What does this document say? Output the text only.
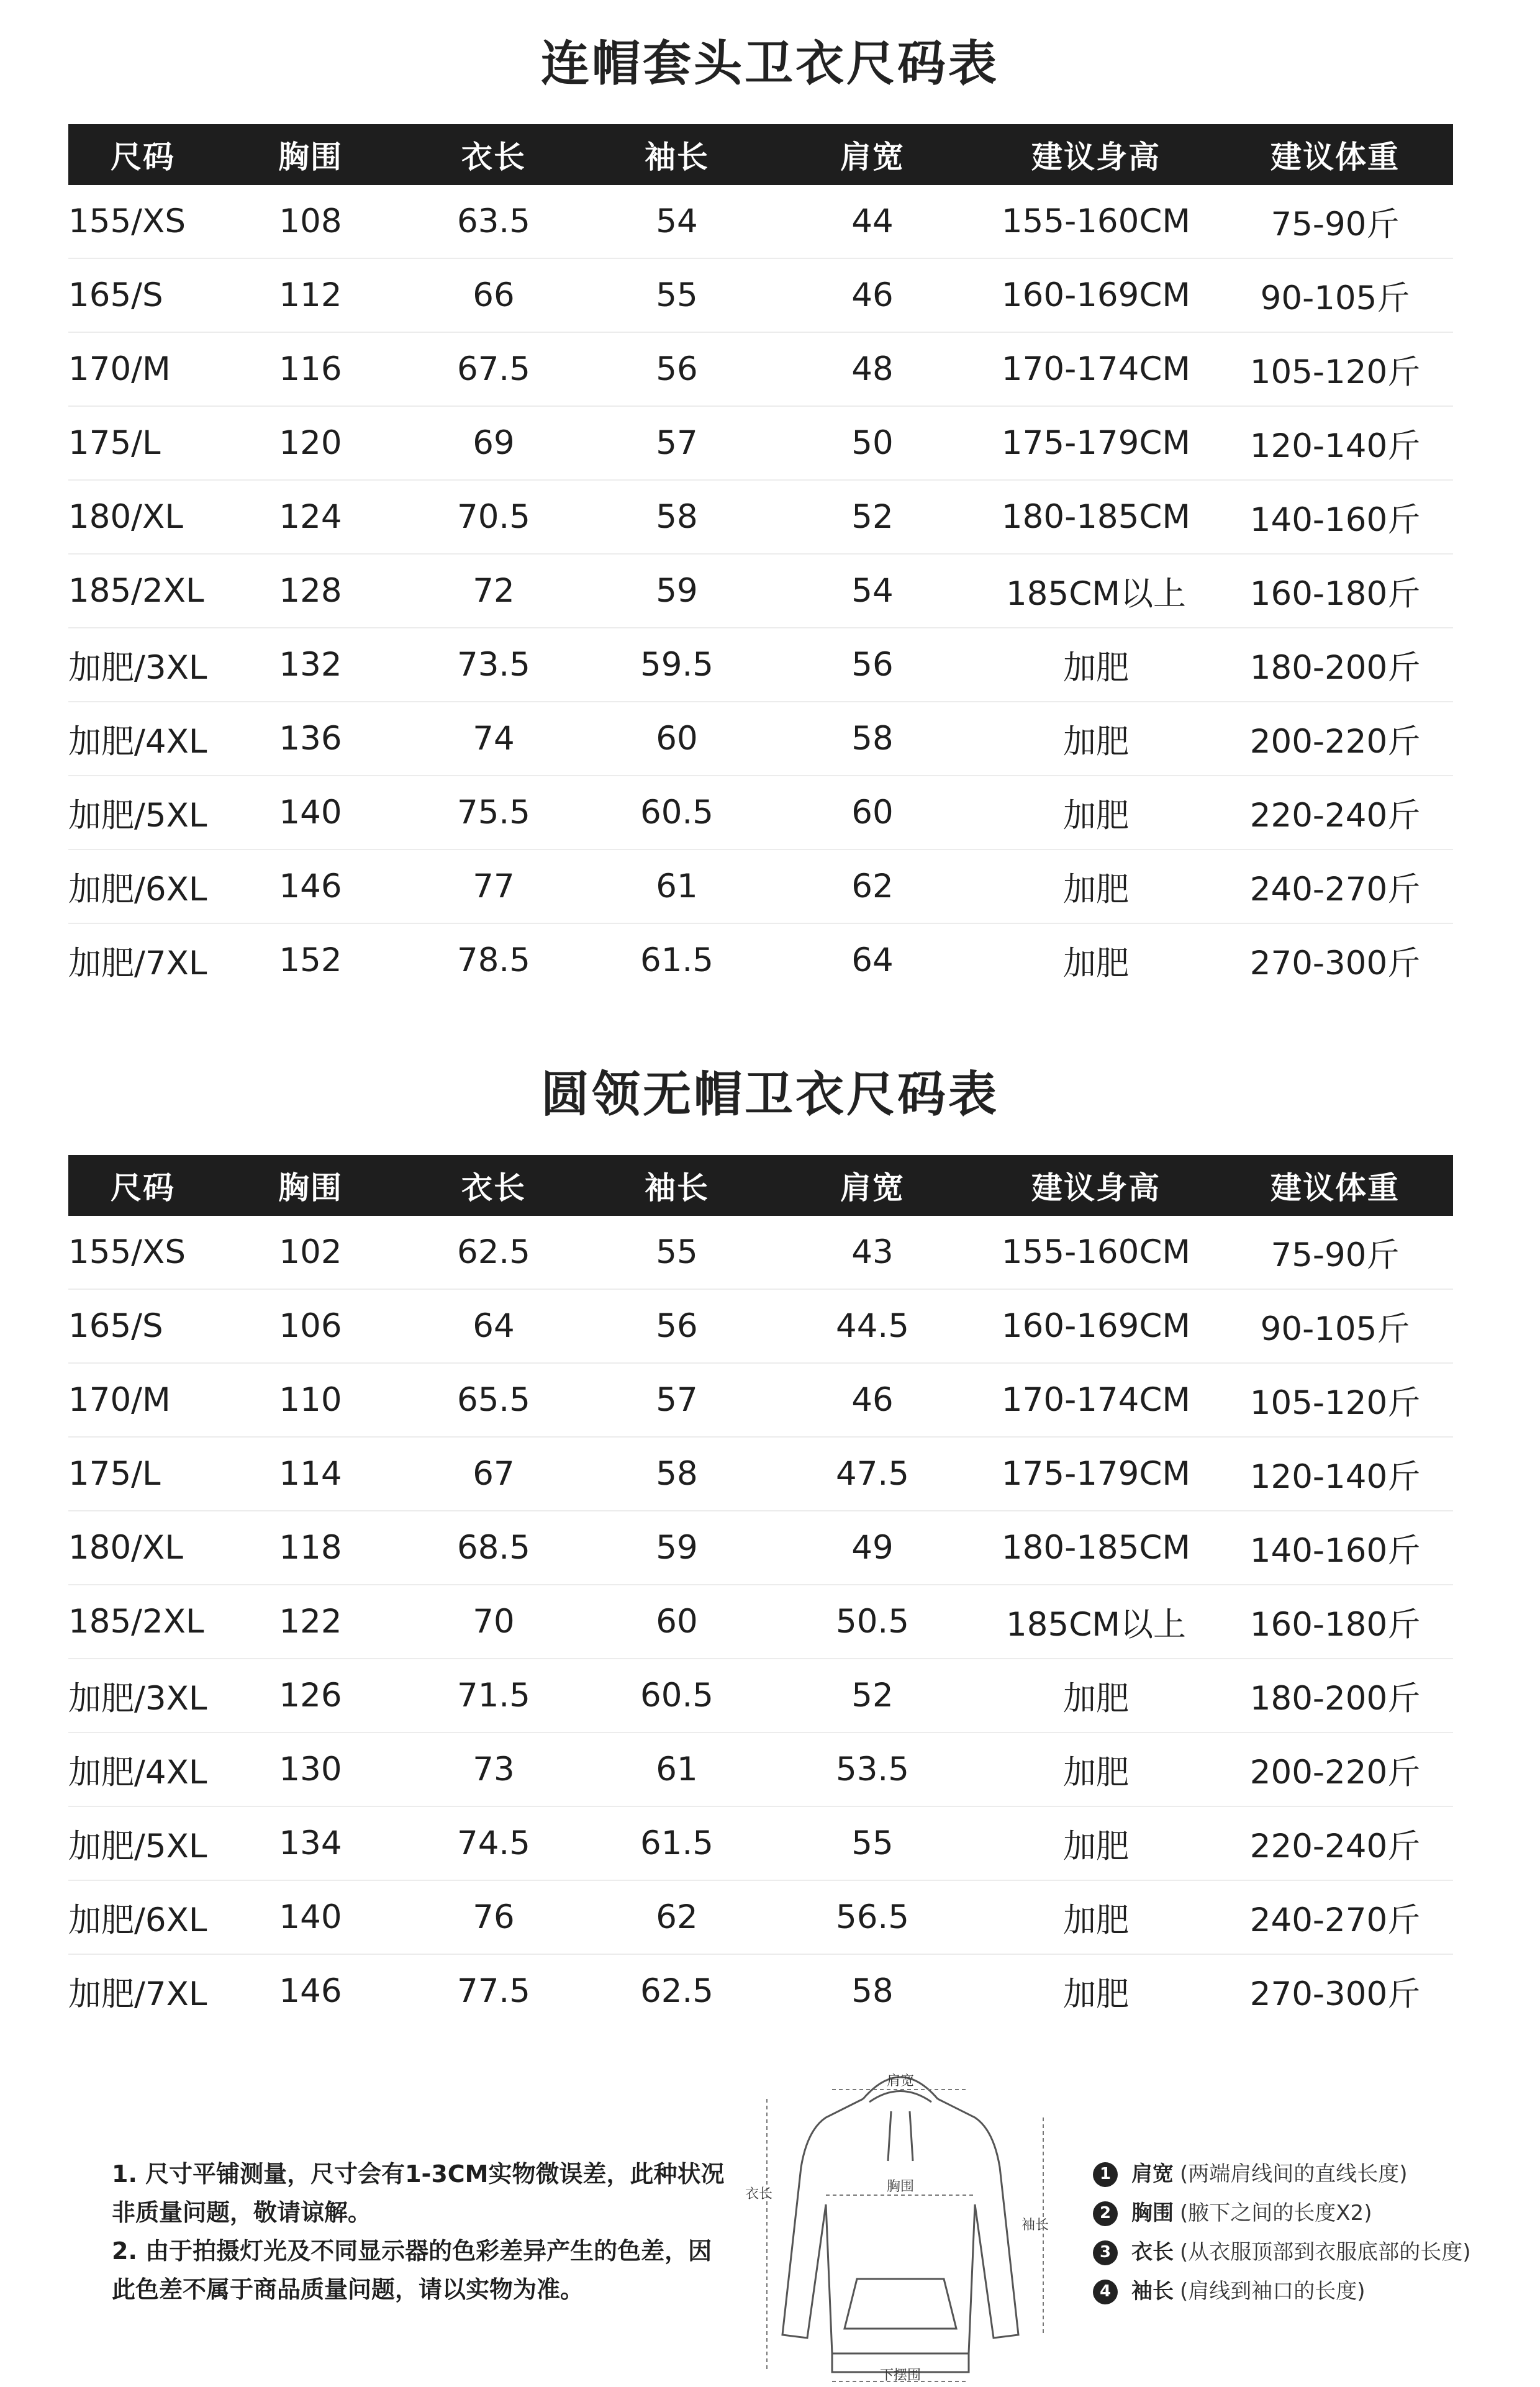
连帽套头卫衣尺码表
尺码	胸围	衣长	袖长	肩宽	建议身高	建议体重
155/XS	108	63.5	54	44	155-160CM	75-90斤
165/S	112	66	55	46	160-169CM	90-105斤
170/M	116	67.5	56	48	170-174CM	105-120斤
175/L	120	69	57	50	175-179CM	120-140斤
180/XL	124	70.5	58	52	180-185CM	140-160斤
185/2XL	128	72	59	54	185CM以上	160-180斤
加肥/3XL	132	73.5	59.5	56	加肥	180-200斤
加肥/4XL	136	74	60	58	加肥	200-220斤
加肥/5XL	140	75.5	60.5	60	加肥	220-240斤
加肥/6XL	146	77	61	62	加肥	240-270斤
加肥/7XL	152	78.5	61.5	64	加肥	270-300斤
圆领无帽卫衣尺码表
尺码	胸围	衣长	袖长	肩宽	建议身高	建议体重
155/XS	102	62.5	55	43	155-160CM	75-90斤
165/S	106	64	56	44.5	160-169CM	90-105斤
170/M	110	65.5	57	46	170-174CM	105-120斤
175/L	114	67	58	47.5	175-179CM	120-140斤
180/XL	118	68.5	59	49	180-185CM	140-160斤
185/2XL	122	70	60	50.5	185CM以上	160-180斤
加肥/3XL	126	71.5	60.5	52	加肥	180-200斤
加肥/4XL	130	73	61	53.5	加肥	200-220斤
加肥/5XL	134	74.5	61.5	55	加肥	220-240斤
加肥/6XL	140	76	62	56.5	加肥	240-270斤
加肥/7XL	146	77.5	62.5	58	加肥	270-300斤

1. 尺寸平铺测量，尺寸会有1-3CM实物微误差，此种状况非质量问题，敬请谅解。

2. 由于拍摄灯光及不同显示器的色彩差异产生的色差，因此色差不属于商品质量问题，请以实物为准。

肩宽
胸围
衣长
袖长
下摆围
1 肩宽 (两端肩线间的直线长度)
2 胸围 (腋下之间的长度X2)
3 衣长 (从衣服顶部到衣服底部的长度)
4 袖长 (肩线到袖口的长度)
